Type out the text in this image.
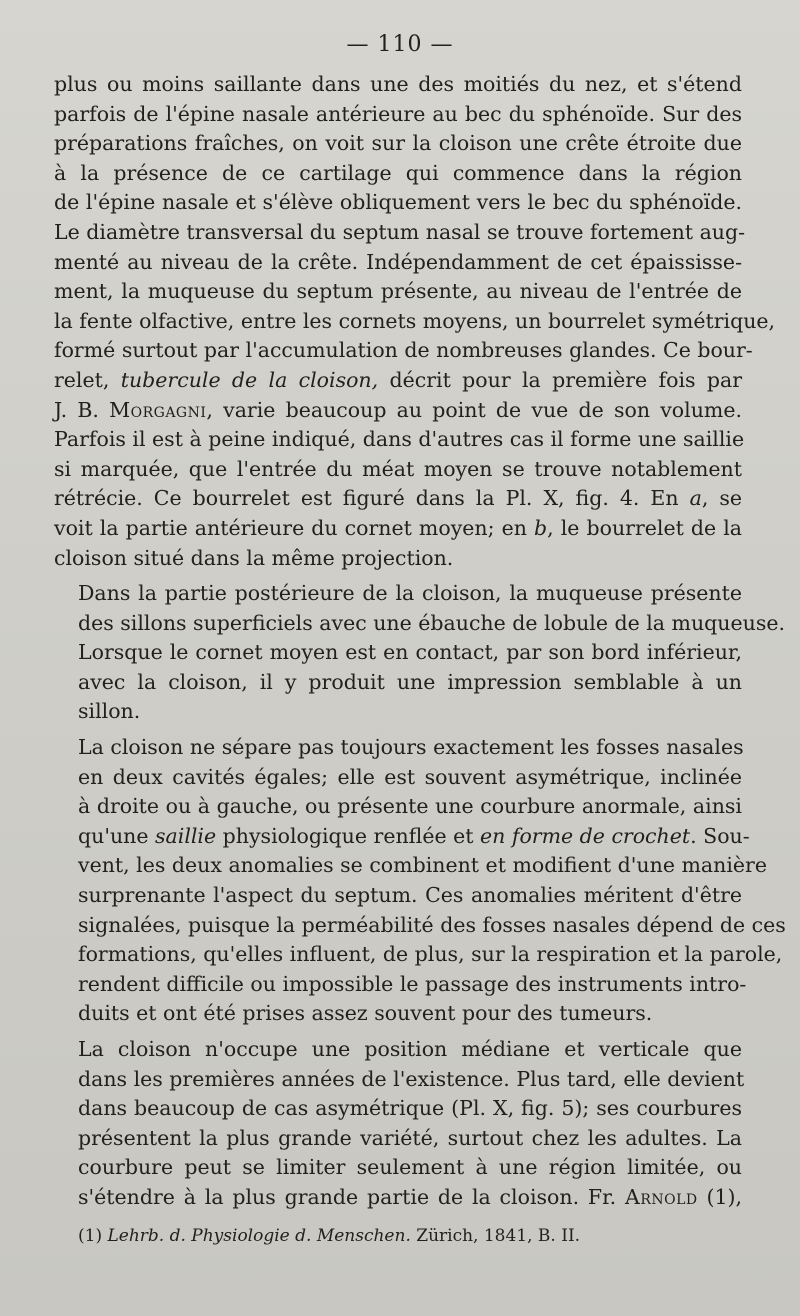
— 110 —

plus ou moins saillante dans une des moitiés du nez, et s'étend
parfois de l'épine nasale antérieure au bec du sphénoïde. Sur des
préparations fraîches, on voit sur la cloison une crête étroite due
à la présence de ce cartilage qui commence dans la région
de l'épine nasale et s'élève obliquement vers le bec du sphénoïde.
Le diamètre transversal du septum nasal se trouve fortement aug-
menté au niveau de la crête. Indépendamment de cet épaississe-
ment, la muqueuse du septum présente, au niveau de l'entrée de
la fente olfactive, entre les cornets moyens, un bourrelet symétrique,
formé surtout par l'accumulation de nombreuses glandes. Ce bour-
relet, tubercule de la cloison, décrit pour la première fois par
J. B. Morgagni, varie beaucoup au point de vue de son volume.
Parfois il est à peine indiqué, dans d'autres cas il forme une saillie
si marquée, que l'entrée du méat moyen se trouve notablement
rétrécie. Ce bourrelet est figuré dans la Pl. X, fig. 4. En a, se
voit la partie antérieure du cornet moyen; en b, le bourrelet de la
cloison situé dans la même projection.

Dans la partie postérieure de la cloison, la muqueuse présente
des sillons superficiels avec une ébauche de lobule de la muqueuse.
Lorsque le cornet moyen est en contact, par son bord inférieur,
avec la cloison, il y produit une impression semblable à un
sillon.

La cloison ne sépare pas toujours exactement les fosses nasales
en deux cavités égales; elle est souvent asymétrique, inclinée
à droite ou à gauche, ou présente une courbure anormale, ainsi
qu'une saillie physiologique renflée et en forme de crochet. Sou-
vent, les deux anomalies se combinent et modifient d'une manière
surprenante l'aspect du septum. Ces anomalies méritent d'être
signalées, puisque la perméabilité des fosses nasales dépend de ces
formations, qu'elles influent, de plus, sur la respiration et la parole,
rendent difficile ou impossible le passage des instruments intro-
duits et ont été prises assez souvent pour des tumeurs.

La cloison n'occupe une position médiane et verticale que
dans les premières années de l'existence. Plus tard, elle devient
dans beaucoup de cas asymétrique (Pl. X, fig. 5); ses courbures
présentent la plus grande variété, surtout chez les adultes. La
courbure peut se limiter seulement à une région limitée, ou
s'étendre à la plus grande partie de la cloison. Fr. Arnold (1),

(1) Lehrb. d. Physiologie d. Menschen. Zürich, 1841, B. II.
